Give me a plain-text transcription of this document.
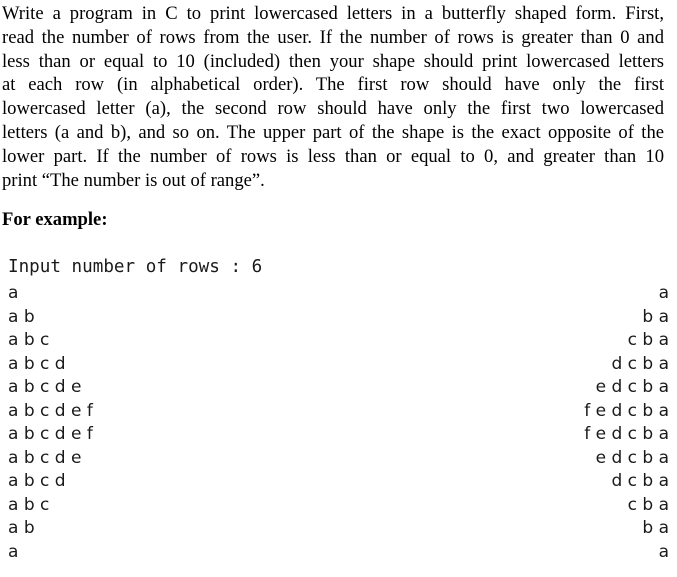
Write a program in C to print lowercased letters in a butterfly shaped form. First,
read the number of rows from the user. If the number of rows is greater than 0 and
less than or equal to 10 (included) then your shape should print lowercased letters
at each row (in alphabetical order). The first row should have only the first
lowercased letter (a), the second row should have only the first two lowercased
letters (a and b), and so on. The upper part of the shape is the exact opposite of the
lower part. If the number of rows is less than or equal to 0, and greater than 10
print “The number is out of range”.
For example:
Input number of rows : 6
a	a
a b	b a
a b c	c b a
a b c d	d c b a
a b c d e	e d c b a
a b c d e f	f e d c b a
a b c d e f	f e d c b a
a b c d e	e d c b a
a b c d	d c b a
a b c	c b a
a b	b a
a	a
